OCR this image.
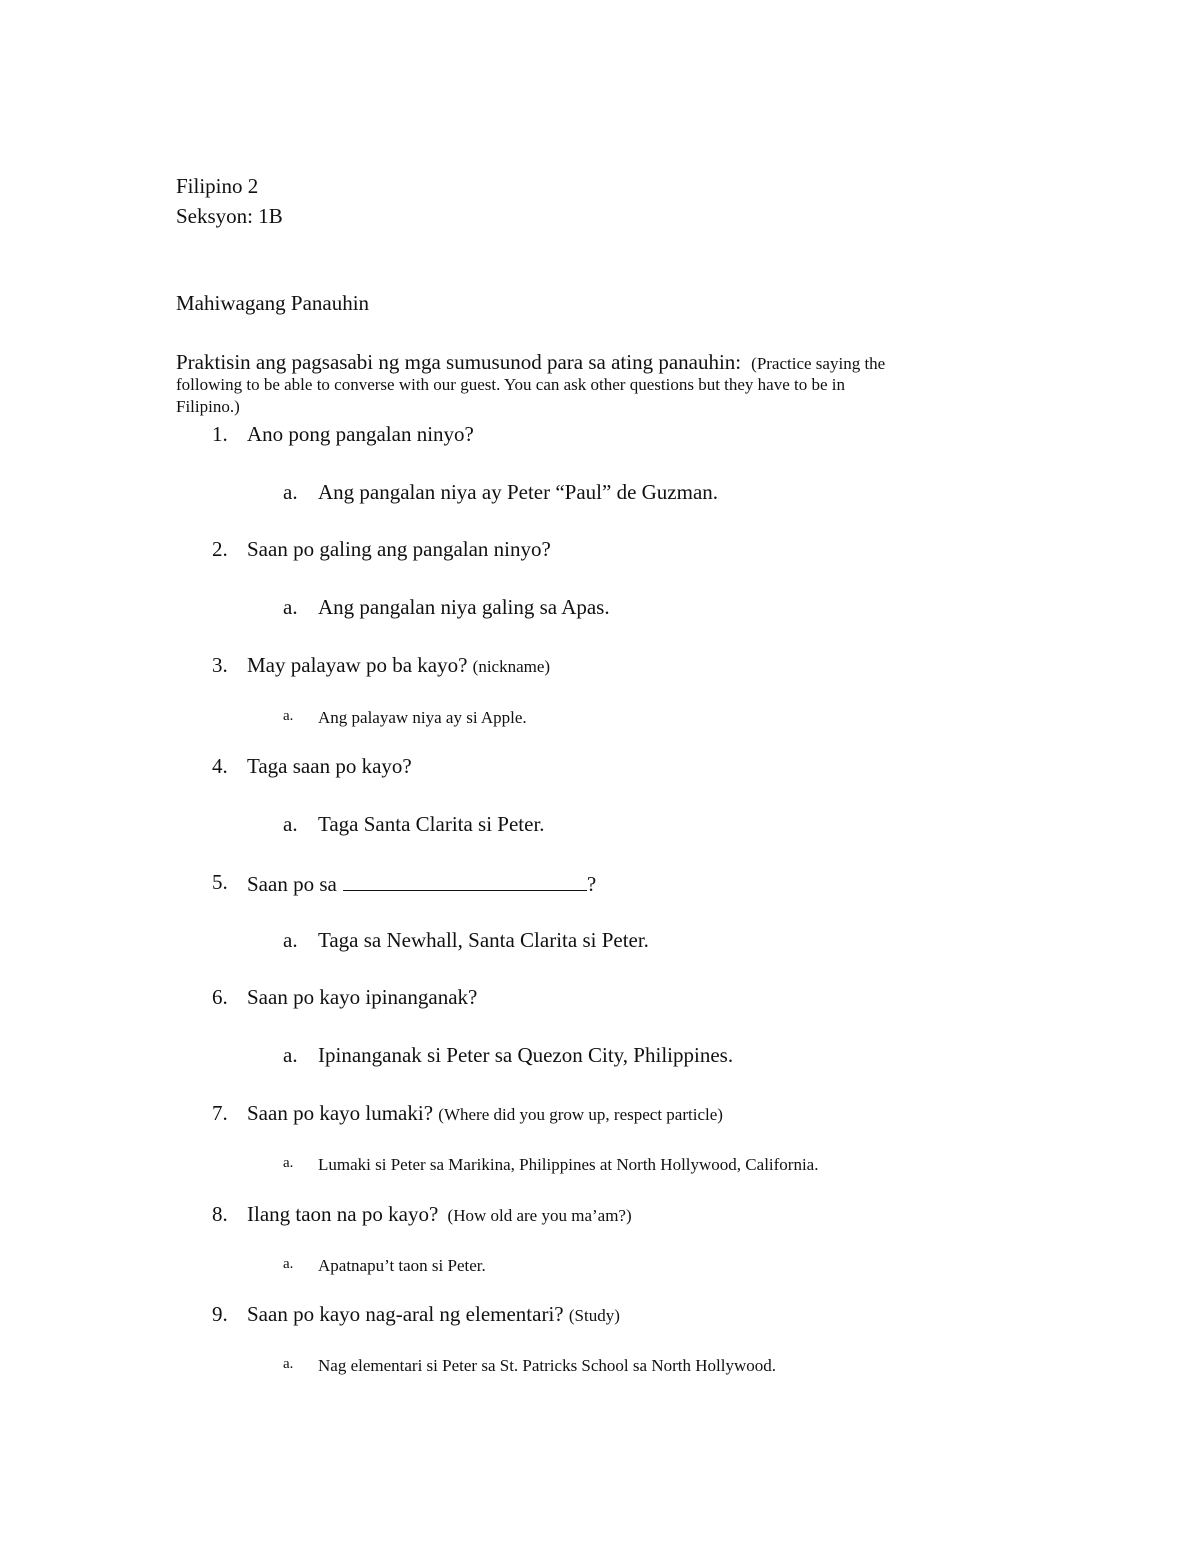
Filipino 2
Seksyon: 1B
Mahiwagang Panauhin
Praktisin ang pagsasabi ng mga sumusunod para sa ating panauhin: (Practice saying the
following to be able to converse with our guest. You can ask other questions but they have to be in
Filipino.)
1. Ano pong pangalan ninyo?
a. Ang pangalan niya ay Peter “Paul” de Guzman.
2. Saan po galing ang pangalan ninyo?
a. Ang pangalan niya galing sa Apas.
3. May palayaw po ba kayo? (nickname)
a. Ang palayaw niya ay si Apple.
4. Taga saan po kayo?
a. Taga Santa Clarita si Peter.
5. Saan po sa	?
a. Taga sa Newhall, Santa Clarita si Peter.
6. Saan po kayo ipinanganak?
a. Ipinanganak si Peter sa Quezon City, Philippines.
7. Saan po kayo lumaki? (Where did you grow up, respect particle)
a. Lumaki si Peter sa Marikina, Philippines at North Hollywood, California.
8. Ilang taon na po kayo? (How old are you ma’am?)
a. Apatnapu’t taon si Peter.
9. Saan po kayo nag-aral ng elementari? (Study)
a. Nag elementari si Peter sa St. Patricks School sa North Hollywood.
